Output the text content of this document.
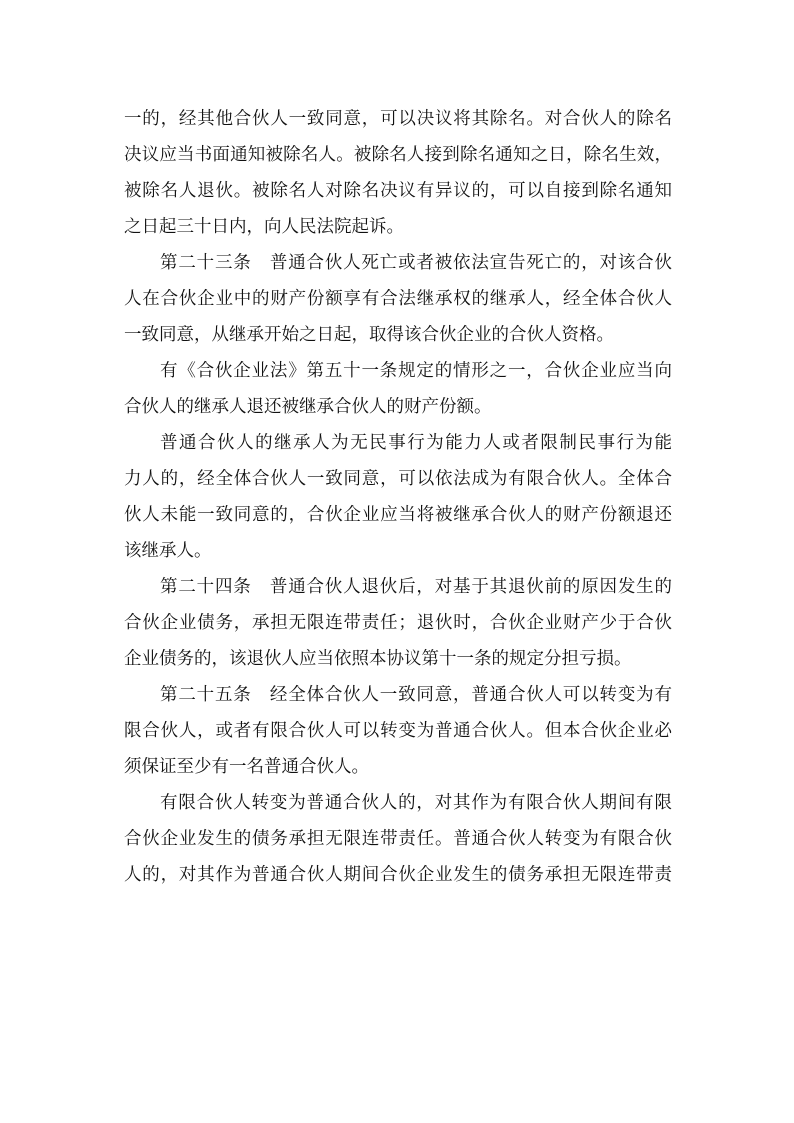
一的，经其他合伙人一致同意，可以决议将其除名。对合伙人的除名
决议应当书面通知被除名人。被除名人接到除名通知之日，除名生效，
被除名人退伙。被除名人对除名决议有异议的，可以自接到除名通知
之日起三十日内，向人民法院起诉。

第二十三条　普通合伙人死亡或者被依法宣告死亡的，对该合伙
人在合伙企业中的财产份额享有合法继承权的继承人，经全体合伙人
一致同意，从继承开始之日起，取得该合伙企业的合伙人资格。

有《合伙企业法》第五十一条规定的情形之一，合伙企业应当向
合伙人的继承人退还被继承合伙人的财产份额。

普通合伙人的继承人为无民事行为能力人或者限制民事行为能
力人的，经全体合伙人一致同意，可以依法成为有限合伙人。全体合
伙人未能一致同意的，合伙企业应当将被继承合伙人的财产份额退还
该继承人。

第二十四条　普通合伙人退伙后，对基于其退伙前的原因发生的
合伙企业债务，承担无限连带责任；退伙时，合伙企业财产少于合伙
企业债务的，该退伙人应当依照本协议第十一条的规定分担亏损。

第二十五条　经全体合伙人一致同意，普通合伙人可以转变为有
限合伙人，或者有限合伙人可以转变为普通合伙人。但本合伙企业必
须保证至少有一名普通合伙人。

有限合伙人转变为普通合伙人的，对其作为有限合伙人期间有限
合伙企业发生的债务承担无限连带责任。普通合伙人转变为有限合伙
人的，对其作为普通合伙人期间合伙企业发生的债务承担无限连带责
